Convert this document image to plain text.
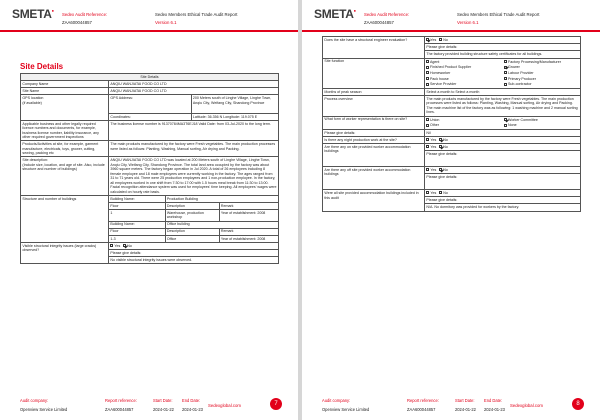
SMETA●
Sedex Audit Reference:
ZAA600044857
Sedex Members Ethical Trade Audit Report
Version 6.1
Site Details
Site Details
Company Name	ANQIU WANJIATAI FOOD CO LTD
Site Name	ANQIU WANJIATAI FOOD CO LTD
GPS location
(if available)	
GPS Address:	200 Meters south of Linghe Village, Linghe Town, Anqiu City, Weifang City, Shandong Province
Coordinates:	Latitude: 36.356 N Longitude: 119.075 E

Applicable business and other legally required licence numbers and documents, for example, business license number, liability insurance, any other required government inspections	The business license number is 91370784MA3T6EJ18 Valid Date: from 03-Jul-2020 to the long term.
Products/Activities at site, for example, garment manufacture, electricals, toys, grower, cutting, sewing, packing etc	The main products manufactured by the factory were Fresh vegetables. The main production processes were listed as follows: Planting, Washing, Manual sorting, Air drying and Packing.
Site description:
(Include size, location, and age of site. Also, include structure and number of buildings)	ANQIU WANJIATAI FOOD CO LTD was located at 200 Meters south of Linghe Village, Linghe Town, Anqiu City, Weifang City, Shandong Province. The total land area occupied by the factory was about 3960 square meters. The factory began operation in Jul 2020. A total of 26 employees including 8 female employee and 18 male employees were currently working in the factory. The ages ranged from 31 to 71 years old. There were 25 production employees and 1 non-production employee. In the factory, all employees worked in one shift from 7:30 to 17:00 with 1.5 hours meal break from 11:30 to 13:00. Facial recognition attendance system was used for employees' time keeping. All employees' wages were calculated on hourly rate basis.
Structure and number of buildings		Building Name:	Production Building
Floor	Description	Remark
1	Warehouse, production workshop	Year of establishment: 2008
Building Name:	Office building
Floor	Description	Remark
1-3	Office	Year of establishment: 2008

Visible structural integrity issues (large cracks) observed?	Yes No

Please give details:
No visible structural integrity issues were observed.
Audit company:
Openview Service Limited
Report reference:
ZAA600044857
Start Date:
2024-01-22
End Date:
2024-01-23
Sedexglobal.com	7
SMETA●
Sedex Audit Reference:
ZAA600044857
Sedex Members Ethical Trade Audit Report
Version 6.1
Does the site have a structural engineer evaluation?	Yes No

Please give details:
The factory provided building structure safety certificates for all buildings.

Site function		Agent	Factory Processing/Manufacturer
Finished Product Supplier	Grower
Homeworker	Labour Provider
Pack house	Primary Producer
Service Provider	Sub-contractor

Months of peak season	Select a month to Select a month
Process overview	The main products manufactured by the factory were Fresh vegetables. The main production processes were listed as follows: Planting, Washing, Manual sorting, Air drying and Packing. The main machine list of the factory was as following: 1 washing machine and 2 manual sorting lines.
What form of worker representation is there on site?		Union	Worker Committee
Other	None

Please give details:	Nil
Is there any night production work at the site?	Yes No
Are there any on site provided worker accommodation buildings	Yes No
Please give details:
Are there any off site provided worker accommodation buildings	Yes No
Please give details:
Were all site provided accommodation buildings included in this audit	Yes No
Please give details:
N/A. No dormitory was provided for workers by the factory.
Audit company:
Openview Service Limited
Report reference:
ZAA600044857
Start Date:
2024-01-22
End Date:
2024-01-23
Sedexglobal.com	8
